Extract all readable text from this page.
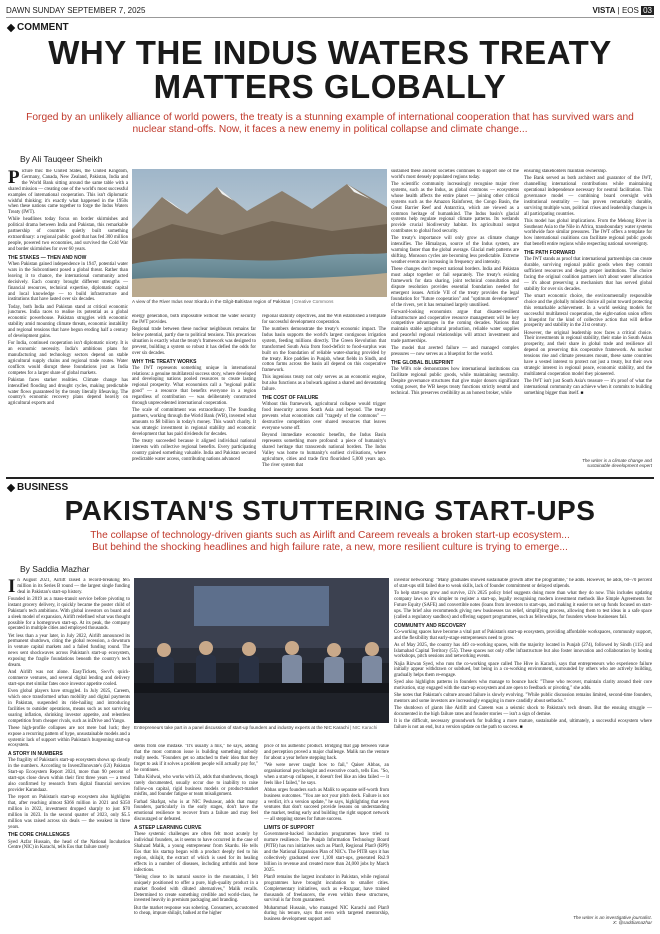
DAWN SUNDAY SEPTEMBER 7, 2025	VISTA | EOS 03
COMMENT
WHY THE INDUS WATERS TREATY
MATTERS GLOBALLY
Forged by an unlikely alliance of world powers, the treaty is a stunning example of international cooperation that has survived wars and nuclear stand-offs. Now, it faces a new enemy in political collapse and climate change...
By Ali Tauqeer Sheikh
P icture this: the United States, the United Kingdom, Germany, Canada, New Zealand, Pakistan, India and the World Bank sitting around the same table with a shared mission — creating one of the world's most successful examples of international cooperation. This isn't diplomatic wishful thinking; it's exactly what happened in the 1950s when these nations came together to forge the Indus Waters Treaty (IWT).

While headlines today focus on border skirmishes and political drama between India and Pakistan, this remarkable partnership of countries quietly built something extraordinary: a regional public good that has fed 300 million people, powered two economies, and survived the Cold War and border skirmishes for over 60 years.

THE STAKES — THEN AND NOW

When Pakistan gained independence in 1947, potential water wars in the Subcontinent posed a global threat. Rather than leaving it to chance, the international community acted decisively. Each country brought different strengths — financial resources, technical expertise, diplomatic capital and local knowledge — to build infrastructure and institutions that have lasted over six decades.

Today, both India and Pakistan stand at critical economic junctures. India races to realise its potential as a global economic powerhouse. Pakistan struggles with economic stability amid mounting climate threats, economic instability and regional tensions that have begun eroding half a century of development gains.

For India, continued cooperation isn't diplomatic nicety. It is an economic necessity. India's ambitious plans for manufacturing and technology sectors depend on stable agricultural supply chains and regional trade routes. Water conflicts would disrupt these foundations just as India competes for a larger share of global markets.

Pakistan faces starker realities. Climate change has intensified flooding and drought cycles, making predictable water flows guaranteed by the treaty literally lifesaving. The country's economic recovery plans depend heavily on agricultural exports and

A view of the River Indus near Skardu in the Gilgit-Baltistan region of Pakistan | Creative Commons

energy generation, both impossible without the water security the IWT provides.

Regional trade between these nuclear neighbours remains far below potential, partly due to political tensions. This precarious situation is exactly what the treaty's framework was designed to prevent, building a system so robust it has defied the odds for over six decades.

WHY THE TREATY WORKS

The IWT represents something unique in international relations: a genuine multilateral success story, where developed and developing nations pooled resources to create lasting regional prosperity. What economists call a "regional public good" — a resource that benefits everyone in a region regardless of contribution — was deliberately constructed through unprecedented international cooperation.

The scale of commitment was extraordinary. The founding partners, working through the World Bank (WB), invested what amounts to $8 billion in today's money. This wasn't charity. It was strategic investment in regional stability and economic development that has paid dividends for decades.

The treaty succeeded because it aligned individual national interests with collective regional benefits. Every participating country gained something valuable. India and Pakistan secured predictable water access, contributing nations advanced

regional stability objectives, and the WB established a template for successful development cooperation.

The numbers demonstrate the treaty's economic impact. The Indus basin supports the world's largest contiguous irrigation system, feeding millions directly. The Green Revolution that transformed South Asia from food-deficit to food-surplus was built on the foundation of reliable water-sharing provided by the treaty. Rice paddies in Punjab, wheat fields in Sindh, and cotton farms across the basin all depend on this cooperative framework.

This ingenious treaty not only serves as an economic engine, but also functions as a bulwark against a shared and devastating failure.

THE COST OF FAILURE

Without this framework, agricultural collapse would trigger food insecurity across South Asia and beyond. The treaty prevents what economists call "tragedy of the commons" — destructive competition over shared resources that leaves everyone worse off.

Beyond immediate economic benefits, the Indus Basin represents something more profound: a piece of humanity's shared heritage that transcends national borders. The Indus Valley was home to humanity's earliest civilisations, where agriculture, cities and trade first flourished 5,000 years ago. The river system that

sustained these ancient societies continues to support one of the world's most densely populated regions today.

The scientific community increasingly recognise major river systems, such as the Indus, as global commons — ecosystems whose health affects the entire planet — joining other critical systems such as the Amazon Rainforest, the Congo Basin, the Great Barrier Reef and Antarctica, which are viewed as a common heritage of humankind. The Indus basin's glacial systems help regulate regional climate patterns. Its wetlands provide crucial biodiversity habitat. Its agricultural output contributes to global food security.

The treaty's importance will only grow as climate change intensifies. The Himalayas, source of the Indus system, are warming faster than the global average. Glacial melt patterns are shifting. Monsoon cycles are becoming less predictable. Extreme weather events are increasing in frequency and intensity.

These changes don't respect national borders. India and Pakistan must adapt together or fail separately. The treaty's existing framework for data sharing, joint technical consultation and dispute resolution provides essential foundation needed for emergent issues. Article VII of the treaty provides the legal foundation for "future cooperation" and "optimum development" of the rivers, yet it has remained largely unutilised.

Forward-looking economists argue that disaster-resilient infrastructure and cooperative resource management will be key competitive advantages in the coming decades. Nations that maintain stable agricultural production, reliable water supplies and peaceful regional relationships will attract investment and trade partnerships.

The model that averted failure — and managed complex pressures — now serves as a blueprint for the world.

THE GLOBAL BLUEPRINT

The WB's role demonstrates how international institutions can facilitate regional public goods, while maintaining neutrality. Despite governance structures that give major donors significant voting power, the WB keeps treaty functions strictly neutral and technical. This preserves credibility as an honest broker, while

ensuring stakeholders maintain ownership.

The Bank served as both architect and guarantor of the IWT, channelling international contributions while maintaining operational independence necessary for neutral facilitation. This governance model — combining board oversight with institutional neutrality — has proven remarkably durable, surviving multiple wars, political crises and leadership changes in all participating countries.

This model has global implications. From the Mekong River in Southeast Asia to the Nile in Africa, transboundary water systems worldwide face similar pressures. The IWT offers a template for how international coalitions can facilitate regional public goods that benefit entire regions while respecting national sovereignty.

THE PATH FORWARD

The IWT stands as proof that international partnerships can create durable, surviving regional public goods when they commit sufficient resources and design proper institutions. The choice facing the original coalition partners isn't about water allocation — it's about preserving a mechanism that has served global stability for over six decades.

The smart economic choice, the environmentally responsible choice and the globally minded choice all point toward protecting this remarkable achievement. In a world seeking models for successful multilateral cooperation, the eight-nation union offers a blueprint for the kind of collective action that will define prosperity and stability in the 21st century.

However, the original leadership now faces a critical choice. Their investments in regional stability, their stake in South Asian prosperity, and their share in global trade and resilience all depend on preserving this cooperative framework. As nuclear tensions rise and climate pressures mount, these same countries have a vested interest to protect not just a treaty, but their own strategic interest in regional peace, economic stability, and the multilateral cooperation model they pioneered.

The IWT isn't just South Asia's treasure — it's proof of what the international community can achieve when it commits to building something bigger than itself. ■

The writer is a climate change and
sustainable development expert
BUSINESS
PAKISTAN'S STUTTERING START-UPS
The collapse of technology-driven giants such as Airlift and Careem reveals a broken start-up ecosystem...
But behind the shocking headlines and high failure rate, a new, more resilient culture is trying to emerge...
By Saddia Mazhar
I n August 2021, Airlift raised a record-breaking $85 million in its Series B round — the largest single funding deal in Pakistan's start-up history.

Founded in 2019 as a mass-transit service before pivoting to instant grocery delivery, it quickly became the poster child of Pakistan's tech ambitions. With global investors on board and a sleek model of expansion, Airlift redefined what was thought possible for a homegrown start-up. At its peak, the company operated in multiple cities and employed thousands.

Yet less than a year later, in July 2022, Airlift announced its permanent shutdown, citing the global recession, a downturn in venture capital markets and a failed funding round. The news sent shockwaves across Pakistan's start-up ecosystem, exposing the fragile foundations beneath the country's tech dream.

And Airlift was not alone. EasyTickets, Swvl's quick-commerce ventures, and several digital lending and delivery start-ups met similar fates once investor appetite cooled.

Even global players have struggled. In July 2025, Careem, which once transformed urban mobility and digital payments in Pakistan, suspended its ride-hailing and introducing facilities to outsider operations, means such as not surviving soaring inflation, shrinking investor appetite, and relentless competition from cheaper rivals, such as inDrive and Yango.

These high-profile collapses are not mere bad luck; they expose a recurring pattern of hype, unsustainable models and a systemic lack of support within Pakistan's burgeoning start-up ecosystem.

A STORY IN NUMBERS

The fragility of Pakistan's start-up ecosystem shows up clearly in the numbers. According to Invest2Innovate's (i2i) Pakistan Start-up Ecosystem Report 2024, more than 90 percent of start-ups close down within their first three years — a trend also confirmed by research from digital financial services provider Karandaaz.

The report on Pakistan's start-up ecosystem also highlights that, after reaching almost $366 million in 2021 and $350 million in 2022, investment dropped sharply to just $70 million in 2023. In the second quarter of 2023, only $5.5 million was raised across six deals — the weakest in three years.

THE CORE CHALLENGES

Syed Azfar Hussain, the head of the National Incubation Centre (NIC) in Karachi, tells Eos that failure rarely

Entrepreneurs take part in a panel discussion of start-up founders and industry experts at the NIC Karachi | NIC Karachi

stems from one mistake. "It's usually a mix," he says, adding that the most common issue is building something nobody really needs. "Founders get so attached to their idea that they forget to ask if it solves a problem people will actually pay for," he continues.

Talha Kidwai, who works with i2i, adds that shutdowns, though rarely documented, usually occur due to inability to raise follow-on capital, rigid business models or product-market misfits, and founder fatigue or team misalignment.

Farhad Shafqat, who is at NIC Peshawar, adds that many founders, particularly in the early stages, don't have the emotional resilience to recover from a failure and may feel discouraged or defeated.

A STEEP LEARNING CURVE

These systemic challenges are often felt most acutely by individual founders, as it seems to have occurred in the case of Shahzad Malik, a young entrepreneur from Skardu. He tells Eos that his startup began with a product deeply tied to his region, shilajit, the extract of which is used for its healing effects in a number of diseases, including arthritis and bone infections.

"Being close to its natural source in the mountains, I felt uniquely positioned to offer a pure, high-quality product in a market flooded with diluted alternatives," Malik recalls. Determined to create something credible and world-class, he invested heavily in premium packaging and branding.

But the market response was sobering. Consumers, accustomed to cheap, impure shilajit, balked at the higher

price of his authentic product. Bridging that gap between value and perception proved a major challenge. Malik ran the venture for about a year before stepping back.

"We were never taught how to fail," Qaiser Abbas, an organisational psychologist and executive coach, tells Eos. "So, when a start-up collapses, it doesn't feel like an idea failed — it feels like I failed," he says.

Abbas urges founders such as Malik to separate self-worth from business outcomes. "You are not your pitch deck. Failure is not a verdict, it's a version update," he says, highlighting that even ventures that don't succeed provide lessons on understanding the market, testing early and building the right support network — all stepping stones for future success.

LIMITS OF SUPPORT

Government-backed incubation programmes have tried to nurture resilience. The Punjab Information Technology Board (PITB) has run initiatives such as Plan9, Regional Plan9 (RP9) and the National Expansion Plan of NIC's. The PITB says it has collectively graduated over 1,100 start-ups, generated Rs2.9 billion in revenue and created more than 24,000 jobs by March 2025.

Plan9 remains the largest incubator in Pakistan, while regional programmes have brought incubation to smaller cities. Complementary initiatives, such as e-Rozgaar, have trained thousands of freelancers, the even within these structures, survival is far from guaranteed.

Muhammad Hussain, who managed NIC Karachi and Plan9 during his tenure, says that even with targeted mentorship, business development support and

investor networking: "Many graduates showed sustainable growth after the programme," he adds. However, he adds, 60–70 percent of start-ups still failed due to weak skills, lack of founder commitment or delayed stipends.

To help start-ups grow and survive, i2i's 2025 policy brief suggests doing more than what they do now. This includes updating company laws so it's simpler to register a start-up, legally recognising modern investment methods like Simple Agreements for Future Equity (SAFE) and convertible notes (loans from investors to start-ups, and making it easier to set up funds focused on start-ups. The brief also recommends giving new businesses tax relief, simplifying process, allowing them to test ideas in a safe space (called a regulatory sandbox) and offering support programmes, such as fellowships, for founders whose businesses fail.

COMMUNITY AND RECOVERY

Co-working spaces have become a vital part of Pakistan's start-up ecosystem, providing affordable workspaces, community support, and the flexibility that early-stage entrepreneurs need to grow.

As of May 2025, the country has 449 co-working spaces, with the majority located in Punjab (274), followed by Sindh (115) and Islamabad Capital Territory (55). These spaces not only offer infrastructure but also foster innovation and collaboration by hosting workshops, pitch sessions and networking events.

Najia Rizwan Syed, who runs the co-working space called The Hive in Karachi, says that entrepreneurs who experience failure initially appear withdrawn or subdued, but being in a co-working environment, surrounded by others who are actively building, gradually helps them re-engage.

Syed also highlights patterns in founders who manage to bounce back: "Those who recover, maintain clarity around their core motivation, stay engaged with the start-up ecosystem and are open to feedback or pivoting," she adds.

She notes that Pakistan's culture around failure is slowly evolving. "While public discussion remains limited, second-time founders, mentors and some investors are increasingly engaging in more candidly about setbacks."

The shutdown of giants like Airlift and Careem was a seismic shock to Pakistan's tech dream. But the ensuing struggle — documented in the high failure rates and founder stories — isn't a sign of demise.

It is the difficult, necessary groundwork for building a more mature, sustainable and, ultimately, a successful ecosystem where failure is not an end, but a version update on the path to success. ■

The writer is an investigative journalist.
X: @saddiamazhar
